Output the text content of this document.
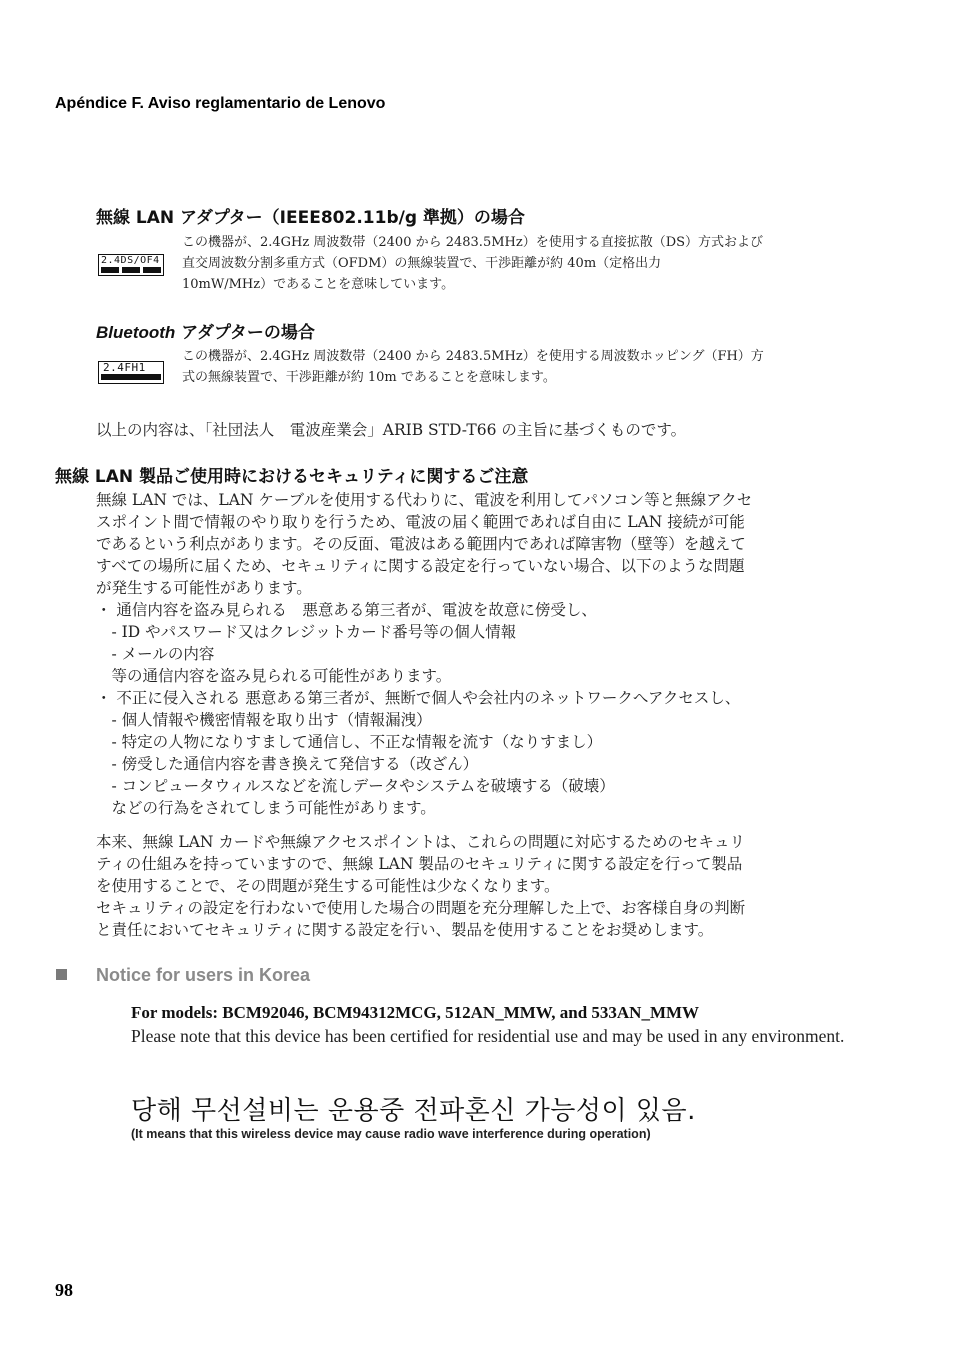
Apéndice F. Aviso reglamentario de Lenovo
無線 LAN アダプター（IEEE802.11b/g 準拠）の場合
2.4DS/OF4
この機器が、2.4GHz 周波数帯（2400 から 2483.5MHz）を使用する直接拡散（DS）方式および
直交周波数分割多重方式（OFDM）の無線装置で、干渉距離が約 40m（定格出力
10mW/MHz）であることを意味しています。
Bluetooth アダプターの場合
2.4FH1
この機器が、2.4GHz 周波数帯（2400 から 2483.5MHz）を使用する周波数ホッピング（FH）方
式の無線装置で、干渉距離が約 10m であることを意味します。
以上の内容は、「社団法人　電波産業会」ARIB STD-T66 の主旨に基づくものです。
無線 LAN 製品ご使用時におけるセキュリティに関するご注意
無線 LAN では、LAN ケーブルを使用する代わりに、電波を利用してパソコン等と無線アクセ
スポイント間で情報のやり取りを行うため、電波の届く範囲であれば自由に LAN 接続が可能
であるという利点があります。その反面、電波はある範囲内であれば障害物（壁等）を越えて
すべての場所に届くため、セキュリティに関する設定を行っていない場合、以下のような問題
が発生する可能性があります。
・ 通信内容を盗み見られる　悪意ある第三者が、電波を故意に傍受し、
　- ID やパスワード又はクレジットカード番号等の個人情報
　- メールの内容
　等の通信内容を盗み見られる可能性があります。
・ 不正に侵入される 悪意ある第三者が、無断で個人や会社内のネットワークへアクセスし、
　- 個人情報や機密情報を取り出す（情報漏洩）
　- 特定の人物になりすまして通信し、不正な情報を流す（なりすまし）
　- 傍受した通信内容を書き換えて発信する（改ざん）
　- コンピュータウィルスなどを流しデータやシステムを破壊する（破壊）
　などの行為をされてしまう可能性があります。
本来、無線 LAN カードや無線アクセスポイントは、これらの問題に対応するためのセキュリ
ティの仕組みを持っていますので、無線 LAN 製品のセキュリティに関する設定を行って製品
を使用することで、その問題が発生する可能性は少なくなります。
セキュリティの設定を行わないで使用した場合の問題を充分理解した上で、お客様自身の判断
と責任においてセキュリティに関する設定を行い、製品を使用することをお奨めします。
Notice for users in Korea
For models: BCM92046, BCM94312MCG, 512AN_MMW, and 533AN_MMW
Please note that this device has been certified for residential use and may be used in any environment.
당해 무선설비는 운용중 전파혼신 가능성이 있음.
(It means that this wireless device may cause radio wave interference during operation)
98
